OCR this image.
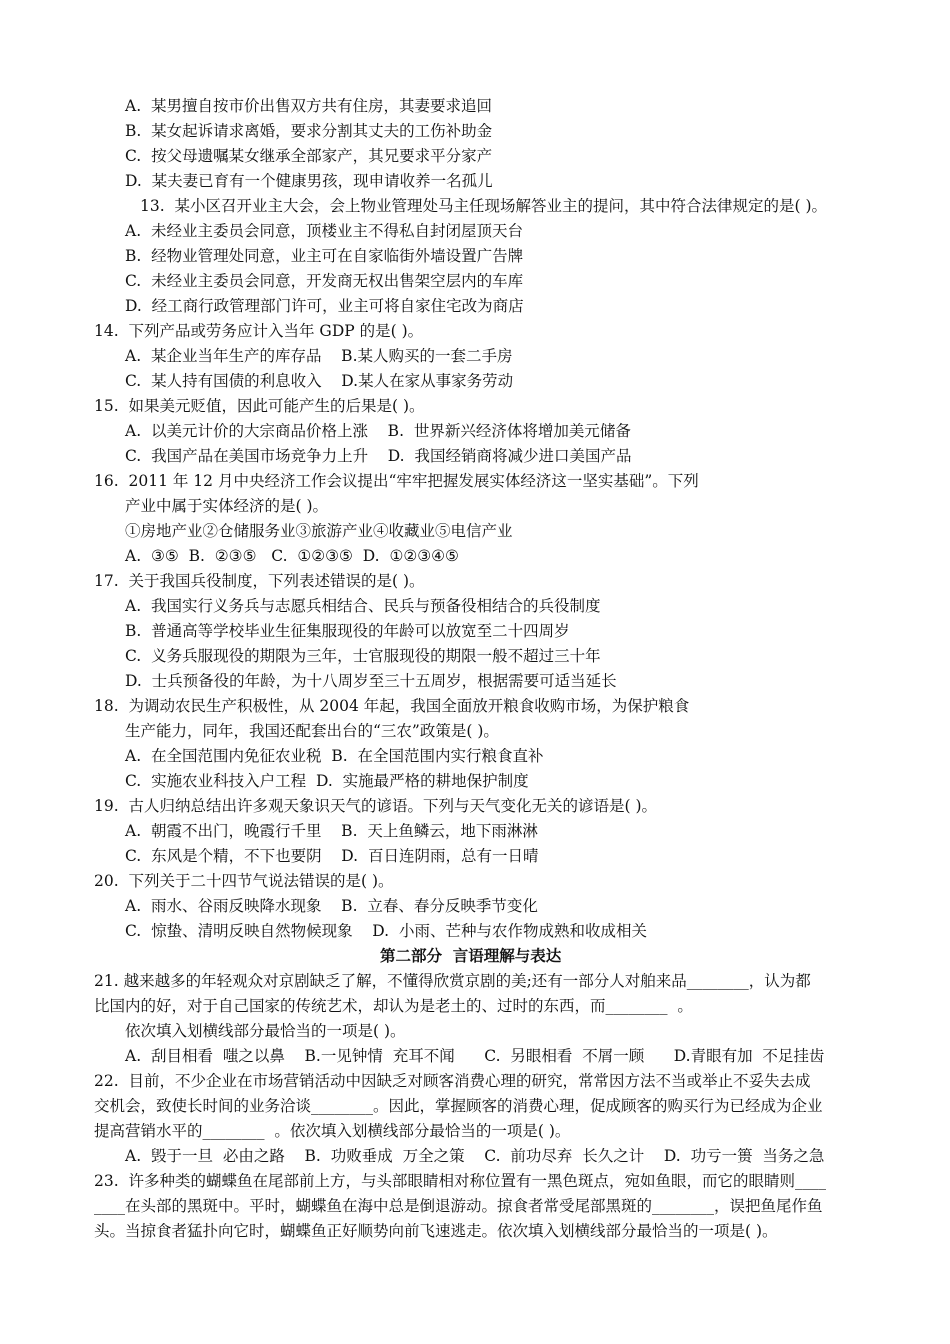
A.  某男擅自按市价出售双方共有住房，其妻要求追回
B.  某女起诉请求离婚，要求分割其丈夫的工伤补助金
C.  按父母遗嘱某女继承全部家产，其兄要求平分家产
D.  某夫妻已育有一个健康男孩，现申请收养一名孤儿
13.  某小区召开业主大会，会上物业管理处马主任现场解答业主的提问，其中符合法律规定的是( )。
A.  未经业主委员会同意，顶楼业主不得私自封闭屋顶天台
B.  经物业管理处同意，业主可在自家临街外墙设置广告牌
C.  未经业主委员会同意，开发商无权出售架空层内的车库
D.  经工商行政管理部门许可，业主可将自家住宅改为商店
14.  下列产品或劳务应计入当年 GDP 的是( )。
A.  某企业当年生产的库存品    B.某人购买的一套二手房
C.  某人持有国债的利息收入    D.某人在家从事家务劳动
15.  如果美元贬值，因此可能产生的后果是( )。
A.  以美元计价的大宗商品价格上涨    B.  世界新兴经济体将增加美元储备
C.  我国产品在美国市场竞争力上升    D.  我国经销商将减少进口美国产品
16.  2011 年 12 月中央经济工作会议提出“牢牢把握发展实体经济这一坚实基础”。下列
产业中属于实体经济的是( )。
①房地产业②仓储服务业③旅游产业④收藏业⑤电信产业
A.  ③⑤  B.  ②③⑤   C.  ①②③⑤  D.  ①②③④⑤
17.  关于我国兵役制度，下列表述错误的是( )。
A.  我国实行义务兵与志愿兵相结合、民兵与预备役相结合的兵役制度
B.  普通高等学校毕业生征集服现役的年龄可以放宽至二十四周岁
C.  义务兵服现役的期限为三年，士官服现役的期限一般不超过三十年
D.  士兵预备役的年龄，为十八周岁至三十五周岁，根据需要可适当延长
18.  为调动农民生产积极性，从 2004 年起，我国全面放开粮食收购市场，为保护粮食
生产能力，同年，我国还配套出台的“三农”政策是( )。
A.  在全国范围内免征农业税  B.  在全国范围内实行粮食直补
C.  实施农业科技入户工程  D.  实施最严格的耕地保护制度
19.  古人归纳总结出许多观天象识天气的谚语。下列与天气变化无关的谚语是( )。
A.  朝霞不出门，晚霞行千里    B.  天上鱼鳞云，地下雨淋淋
C.  东风是个精，不下也要阴    D.  百日连阴雨，总有一日晴
20.  下列关于二十四节气说法错误的是( )。
A.  雨水、谷雨反映降水现象    B.  立春、春分反映季节变化
C.  惊蛰、清明反映自然物候现象    D.  小雨、芒种与农作物成熟和收成相关
第二部分  言语理解与表达
21. 越来越多的年轻观众对京剧缺乏了解，不懂得欣赏京剧的美;还有一部分人对舶来品________，认为都
比国内的好，对于自己国家的传统艺术，却认为是老土的、过时的东西，而________  。
依次填入划横线部分最恰当的一项是( )。
A.  刮目相看  嗤之以鼻    B.一见钟情  充耳不闻      C.  另眼相看  不屑一顾      D.青眼有加  不足挂齿
22.  目前，不少企业在市场营销活动中因缺乏对顾客消费心理的研究，常常因方法不当或举止不妥失去成
交机会，致使长时间的业务洽谈________。因此，掌握顾客的消费心理，促成顾客的购买行为已经成为企业
提高营销水平的________  。依次填入划横线部分最恰当的一项是( )。
A.  毁于一旦  必由之路    B.  功败垂成  万全之策    C.  前功尽弃  长久之计    D.  功亏一篑  当务之急
23.  许多种类的蝴蝶鱼在尾部前上方，与头部眼睛相对称位置有一黑色斑点，宛如鱼眼，而它的眼睛则____
____在头部的黑斑中。平时，蝴蝶鱼在海中总是倒退游动。掠食者常受尾部黑斑的________，误把鱼尾作鱼
头。当掠食者猛扑向它时，蝴蝶鱼正好顺势向前飞速逃走。依次填入划横线部分最恰当的一项是( )。
